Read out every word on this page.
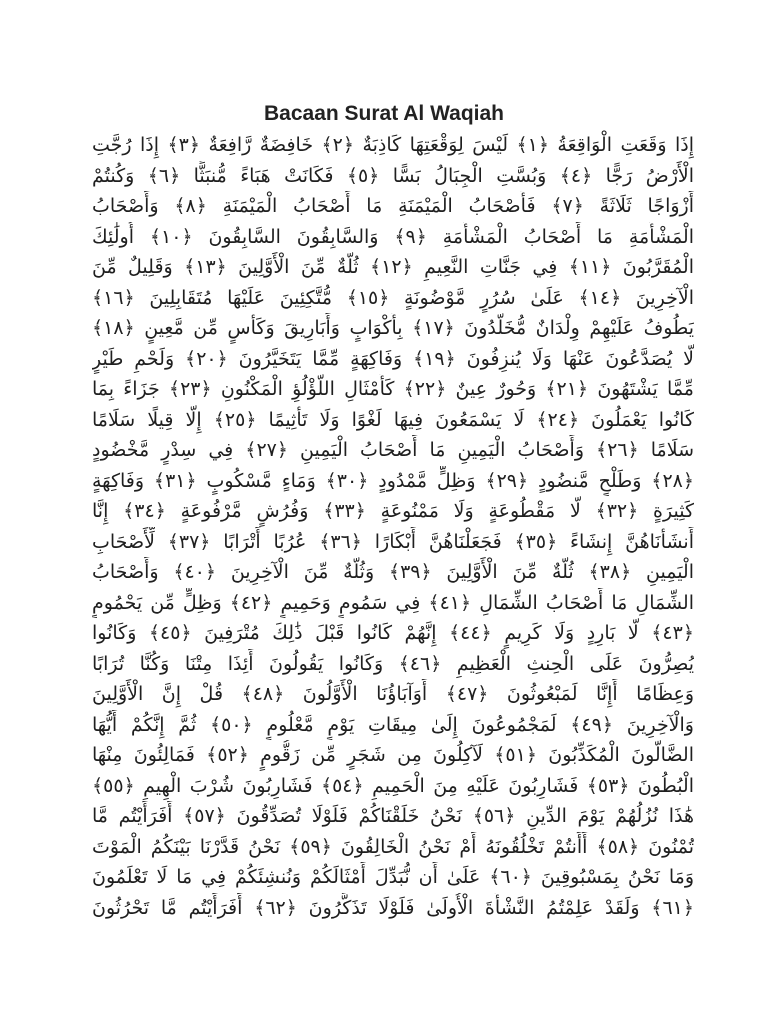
Bacaan Surat Al Waqiah
إِذَا وَقَعَتِ الْوَاقِعَةُ ﴿١﴾ لَيْسَ لِوَقْعَتِهَا كَاذِبَةٌ ﴿٢﴾ خَافِضَةٌ رَّافِعَةٌ ﴿٣﴾ إِذَا رُجَّتِ
الْأَرْضُ رَجًّا ﴿٤﴾ وَبُسَّتِ الْجِبَالُ بَسًّا ﴿٥﴾ فَكَانَتْ هَبَاءً مُّنبَثًّا ﴿٦﴾ وَكُنتُمْ
أَزْوَاجًا ثَلَاثَةً ﴿٧﴾ فَأَصْحَابُ الْمَيْمَنَةِ مَا أَصْحَابُ الْمَيْمَنَةِ ﴿٨﴾ وَأَصْحَابُ
الْمَشْأَمَةِ مَا أَصْحَابُ الْمَشْأَمَةِ ﴿٩﴾ وَالسَّابِقُونَ السَّابِقُونَ ﴿١٠﴾ أُولَٰئِكَ
الْمُقَرَّبُونَ ﴿١١﴾ فِي جَنَّاتِ النَّعِيمِ ﴿١٢﴾ ثُلَّةٌ مِّنَ الْأَوَّلِينَ ﴿١٣﴾ وَقَلِيلٌ مِّنَ
الْآخِرِينَ ﴿١٤﴾ عَلَىٰ سُرُرٍ مَّوْضُونَةٍ ﴿١٥﴾ مُّتَّكِئِينَ عَلَيْهَا مُتَقَابِلِينَ ﴿١٦﴾
يَطُوفُ عَلَيْهِمْ وِلْدَانٌ مُّخَلَّدُونَ ﴿١٧﴾ بِأَكْوَابٍ وَأَبَارِيقَ وَكَأْسٍ مِّن مَّعِينٍ ﴿١٨﴾
لَّا يُصَدَّعُونَ عَنْهَا وَلَا يُنزِفُونَ ﴿١٩﴾ وَفَاكِهَةٍ مِّمَّا يَتَخَيَّرُونَ ﴿٢٠﴾ وَلَحْمِ طَيْرٍ
مِّمَّا يَشْتَهُونَ ﴿٢١﴾ وَحُورٌ عِينٌ ﴿٢٢﴾ كَأَمْثَالِ اللُّؤْلُؤِ الْمَكْنُونِ ﴿٢٣﴾ جَزَاءً بِمَا
كَانُوا يَعْمَلُونَ ﴿٢٤﴾ لَا يَسْمَعُونَ فِيهَا لَغْوًا وَلَا تَأْثِيمًا ﴿٢٥﴾ إِلَّا قِيلًا سَلَامًا
سَلَامًا ﴿٢٦﴾ وَأَصْحَابُ الْيَمِينِ مَا أَصْحَابُ الْيَمِينِ ﴿٢٧﴾ فِي سِدْرٍ مَّخْضُودٍ
﴿٢٨﴾ وَطَلْحٍ مَّنضُودٍ ﴿٢٩﴾ وَظِلٍّ مَّمْدُودٍ ﴿٣٠﴾ وَمَاءٍ مَّسْكُوبٍ ﴿٣١﴾ وَفَاكِهَةٍ
كَثِيرَةٍ ﴿٣٢﴾ لَّا مَقْطُوعَةٍ وَلَا مَمْنُوعَةٍ ﴿٣٣﴾ وَفُرُشٍ مَّرْفُوعَةٍ ﴿٣٤﴾ إِنَّا
أَنشَأْنَاهُنَّ إِنشَاءً ﴿٣٥﴾ فَجَعَلْنَاهُنَّ أَبْكَارًا ﴿٣٦﴾ عُرُبًا أَتْرَابًا ﴿٣٧﴾ لِّأَصْحَابِ
الْيَمِينِ ﴿٣٨﴾ ثُلَّةٌ مِّنَ الْأَوَّلِينَ ﴿٣٩﴾ وَثُلَّةٌ مِّنَ الْآخِرِينَ ﴿٤٠﴾ وَأَصْحَابُ
الشِّمَالِ مَا أَصْحَابُ الشِّمَالِ ﴿٤١﴾ فِي سَمُومٍ وَحَمِيمٍ ﴿٤٢﴾ وَظِلٍّ مِّن يَحْمُومٍ
﴿٤٣﴾ لَّا بَارِدٍ وَلَا كَرِيمٍ ﴿٤٤﴾ إِنَّهُمْ كَانُوا قَبْلَ ذَٰلِكَ مُتْرَفِينَ ﴿٤٥﴾ وَكَانُوا
يُصِرُّونَ عَلَى الْحِنثِ الْعَظِيمِ ﴿٤٦﴾ وَكَانُوا يَقُولُونَ أَئِذَا مِتْنَا وَكُنَّا تُرَابًا
وَعِظَامًا أَإِنَّا لَمَبْعُوثُونَ ﴿٤٧﴾ أَوَآبَاؤُنَا الْأَوَّلُونَ ﴿٤٨﴾ قُلْ إِنَّ الْأَوَّلِينَ
وَالْآخِرِينَ ﴿٤٩﴾ لَمَجْمُوعُونَ إِلَىٰ مِيقَاتِ يَوْمٍ مَّعْلُومٍ ﴿٥٠﴾ ثُمَّ إِنَّكُمْ أَيُّهَا
الضَّالُّونَ الْمُكَذِّبُونَ ﴿٥١﴾ لَآكِلُونَ مِن شَجَرٍ مِّن زَقُّومٍ ﴿٥٢﴾ فَمَالِئُونَ مِنْهَا
الْبُطُونَ ﴿٥٣﴾ فَشَارِبُونَ عَلَيْهِ مِنَ الْحَمِيمِ ﴿٥٤﴾ فَشَارِبُونَ شُرْبَ الْهِيمِ ﴿٥٥﴾
هَٰذَا نُزُلُهُمْ يَوْمَ الدِّينِ ﴿٥٦﴾ نَحْنُ خَلَقْنَاكُمْ فَلَوْلَا تُصَدِّقُونَ ﴿٥٧﴾ أَفَرَأَيْتُم مَّا
تُمْنُونَ ﴿٥٨﴾ أَأَنتُمْ تَخْلُقُونَهُ أَمْ نَحْنُ الْخَالِقُونَ ﴿٥٩﴾ نَحْنُ قَدَّرْنَا بَيْنَكُمُ الْمَوْتَ
وَمَا نَحْنُ بِمَسْبُوقِينَ ﴿٦٠﴾ عَلَىٰ أَن نُّبَدِّلَ أَمْثَالَكُمْ وَنُنشِئَكُمْ فِي مَا لَا تَعْلَمُونَ
﴿٦١﴾ وَلَقَدْ عَلِمْتُمُ النَّشْأَةَ الْأُولَىٰ فَلَوْلَا تَذَكَّرُونَ ﴿٦٢﴾ أَفَرَأَيْتُم مَّا تَحْرُثُونَ
